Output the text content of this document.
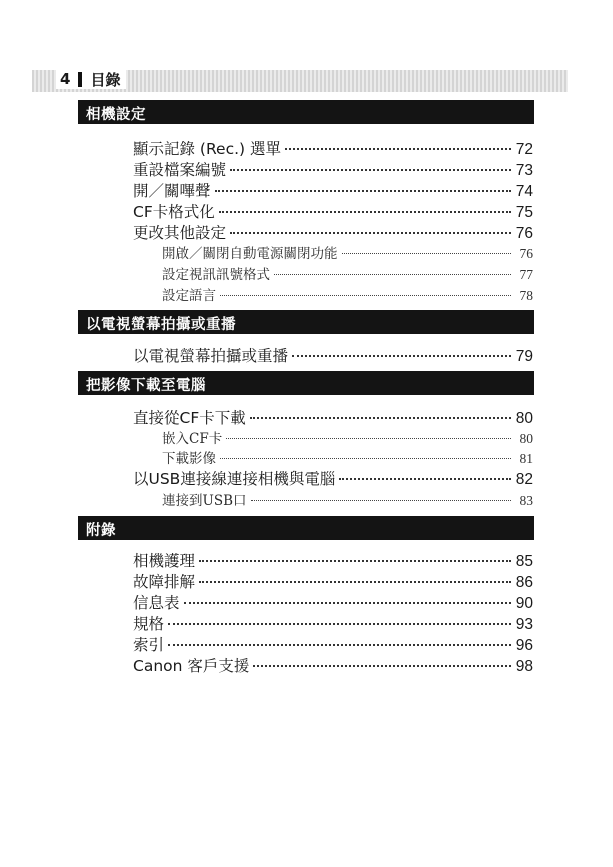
4 目錄
相機設定
顯示記錄 (Rec.) 選單	72
重設檔案編號	73
開／關嗶聲	74
CF卡格式化	75
更改其他設定	76
開啟／關閉自動電源關閉功能	76
設定視訊訊號格式	77
設定語言	78
以電視螢幕拍攝或重播
以電視螢幕拍攝或重播	79
把影像下載至電腦
直接從CF卡下載	80
嵌入CF卡	80
下載影像	81
以USB連接線連接相機與電腦	82
連接到USB口	83
附錄
相機護理	85
故障排解	86
信息表	90
規格	93
索引	96
Canon 客戶支援	98
